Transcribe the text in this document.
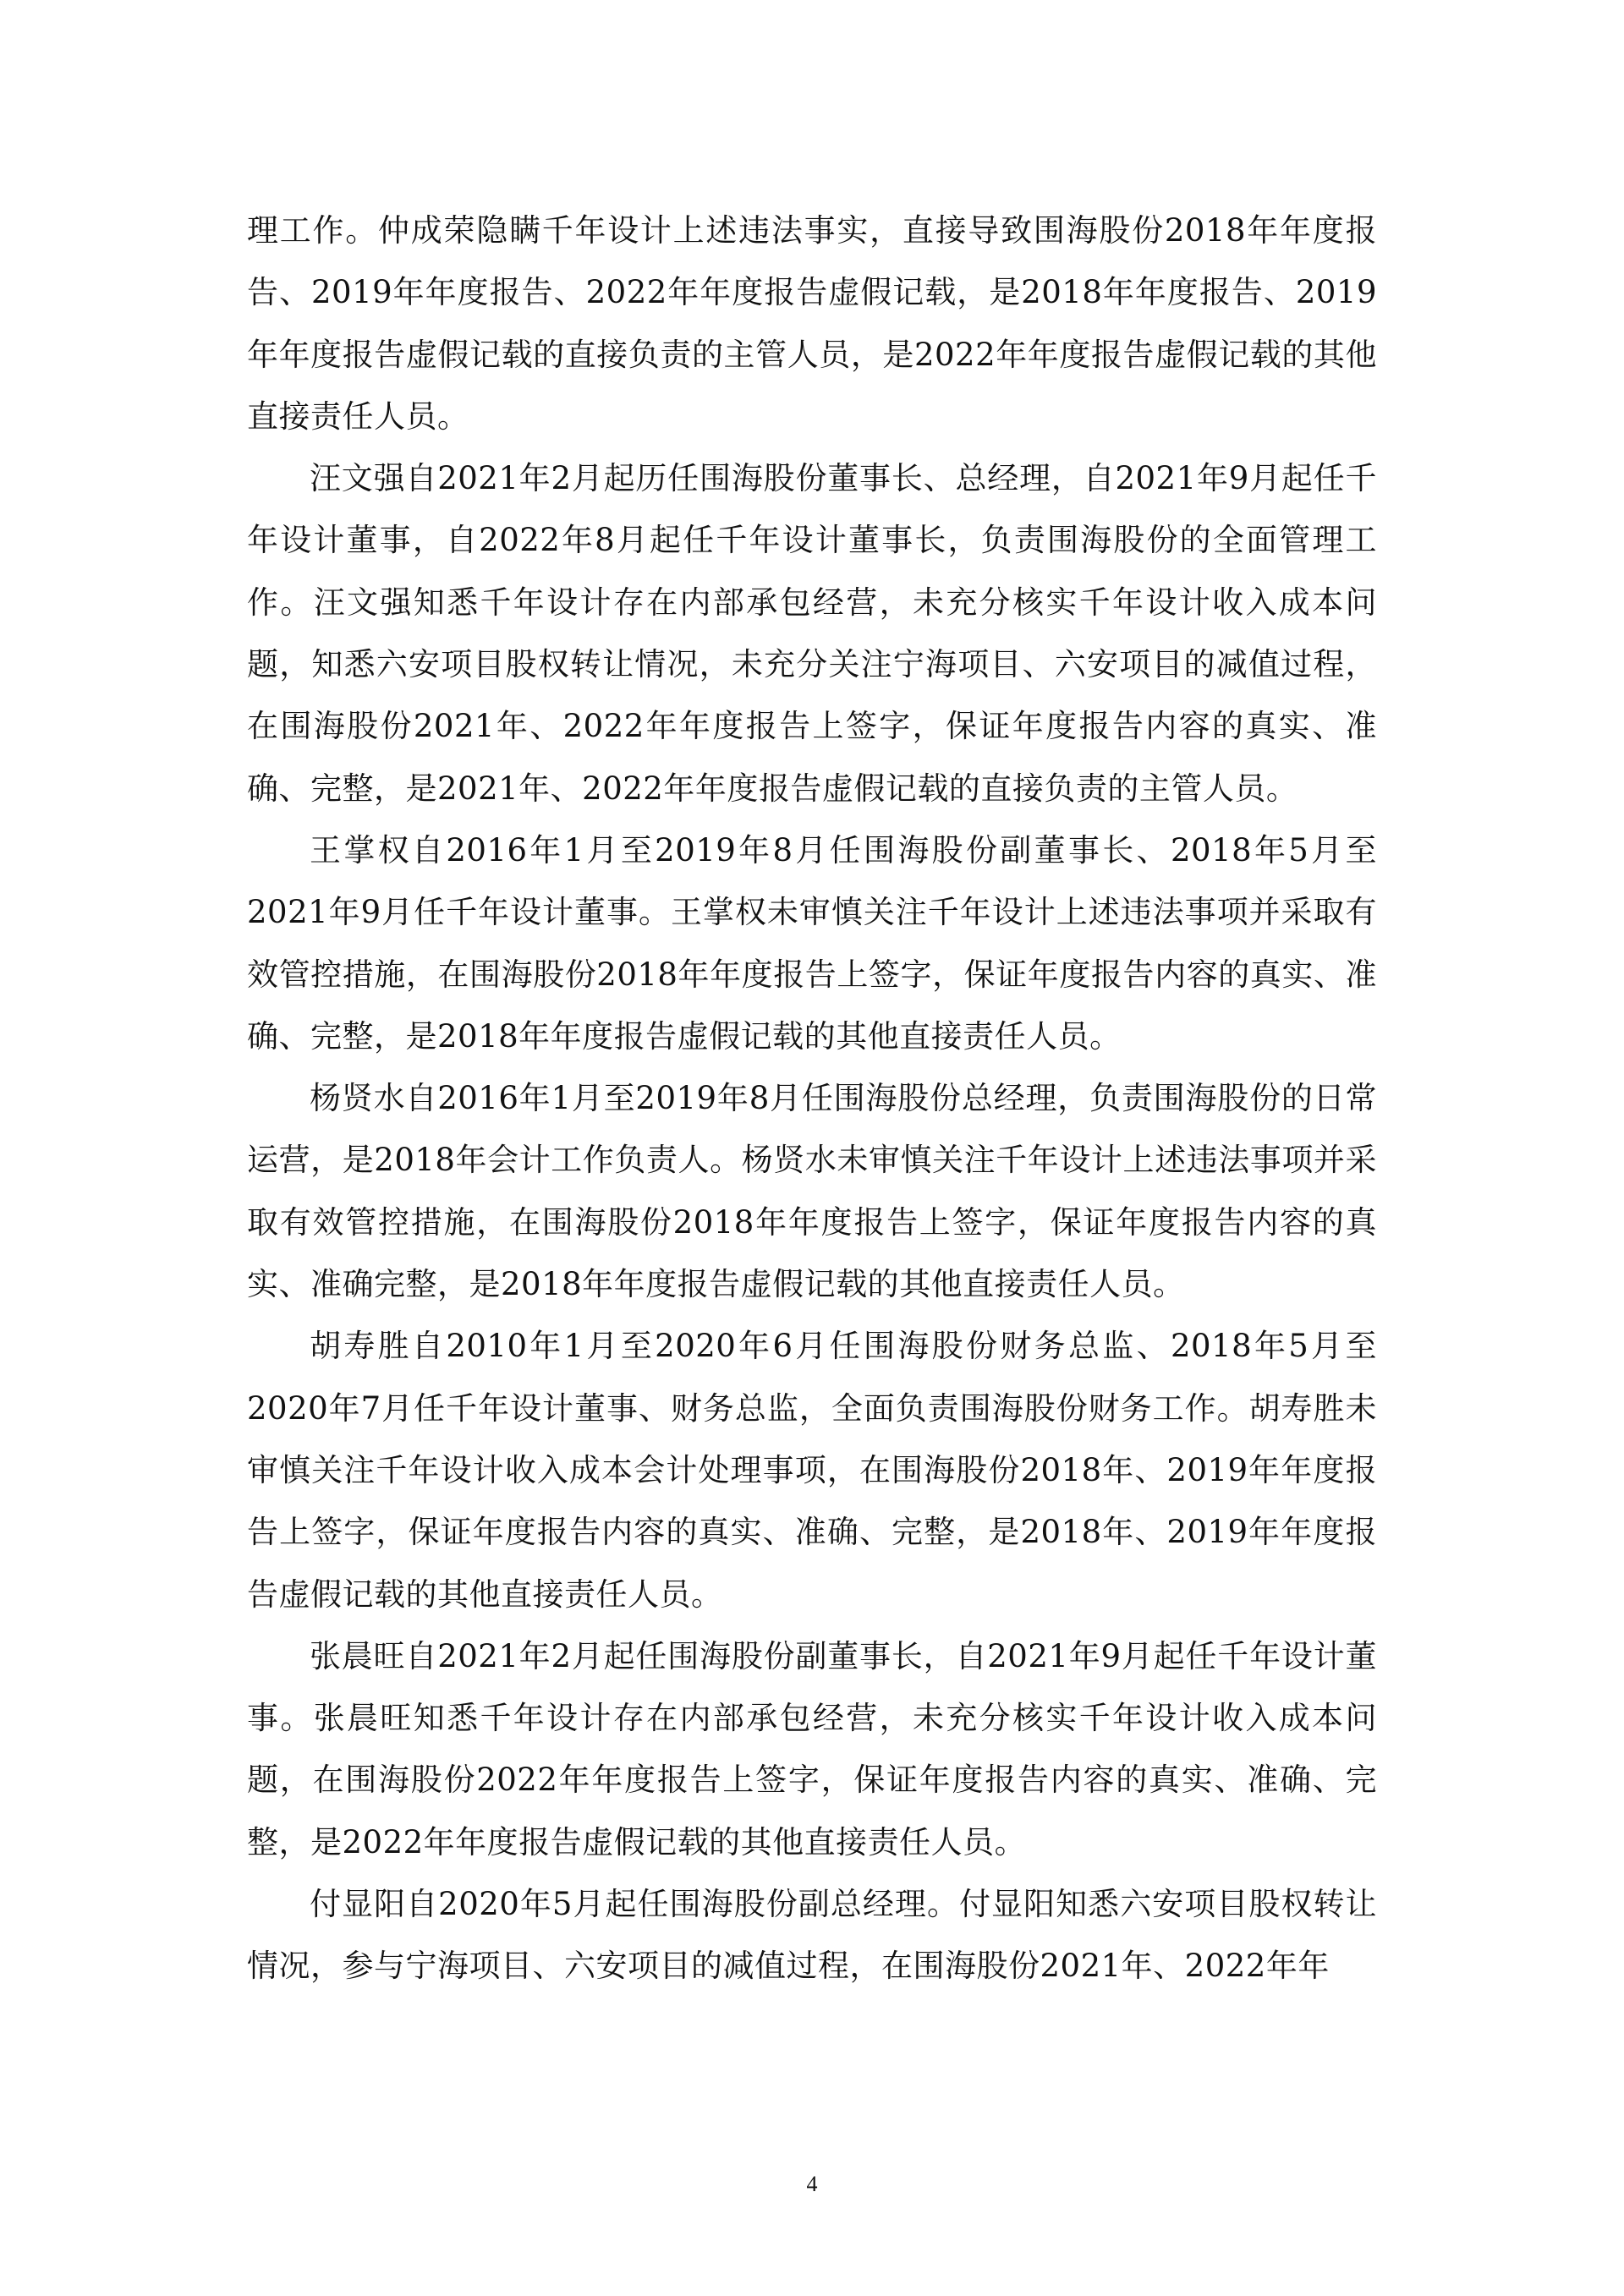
理工作。仲成荣隐瞒千年设计上述违法事实，直接导致围海股份2018年年度报告、2019年年度报告、2022年年度报告虚假记载，是2018年年度报告、2019年年度报告虚假记载的直接负责的主管人员，是2022年年度报告虚假记载的其他直接责任人员。

汪文强自2021年2月起历任围海股份董事长、总经理，自2021年9月起任千年设计董事，自2022年8月起任千年设计董事长，负责围海股份的全面管理工作。汪文强知悉千年设计存在内部承包经营，未充分核实千年设计收入成本问题，知悉六安项目股权转让情况，未充分关注宁海项目、六安项目的减值过程，在围海股份2021年、2022年年度报告上签字，保证年度报告内容的真实、准确、完整，是2021年、2022年年度报告虚假记载的直接负责的主管人员。

王掌权自2016年1月至2019年8月任围海股份副董事长、2018年5月至2021年9月任千年设计董事。王掌权未审慎关注千年设计上述违法事项并采取有效管控措施，在围海股份2018年年度报告上签字，保证年度报告内容的真实、准确、完整，是2018年年度报告虚假记载的其他直接责任人员。

杨贤水自2016年1月至2019年8月任围海股份总经理，负责围海股份的日常运营，是2018年会计工作负责人。杨贤水未审慎关注千年设计上述违法事项并采取有效管控措施，在围海股份2018年年度报告上签字，保证年度报告内容的真实、准确完整，是2018年年度报告虚假记载的其他直接责任人员。

胡寿胜自2010年1月至2020年6月任围海股份财务总监、2018年5月至2020年7月任千年设计董事、财务总监，全面负责围海股份财务工作。胡寿胜未审慎关注千年设计收入成本会计处理事项，在围海股份2018年、2019年年度报告上签字，保证年度报告内容的真实、准确、完整，是2018年、2019年年度报告虚假记载的其他直接责任人员。

张晨旺自2021年2月起任围海股份副董事长，自2021年9月起任千年设计董事。张晨旺知悉千年设计存在内部承包经营，未充分核实千年设计收入成本问题，在围海股份2022年年度报告上签字，保证年度报告内容的真实、准确、完整，是2022年年度报告虚假记载的其他直接责任人员。

付显阳自2020年5月起任围海股份副总经理。付显阳知悉六安项目股权转让情况，参与宁海项目、六安项目的减值过程，在围海股份2021年、2022年年

4
